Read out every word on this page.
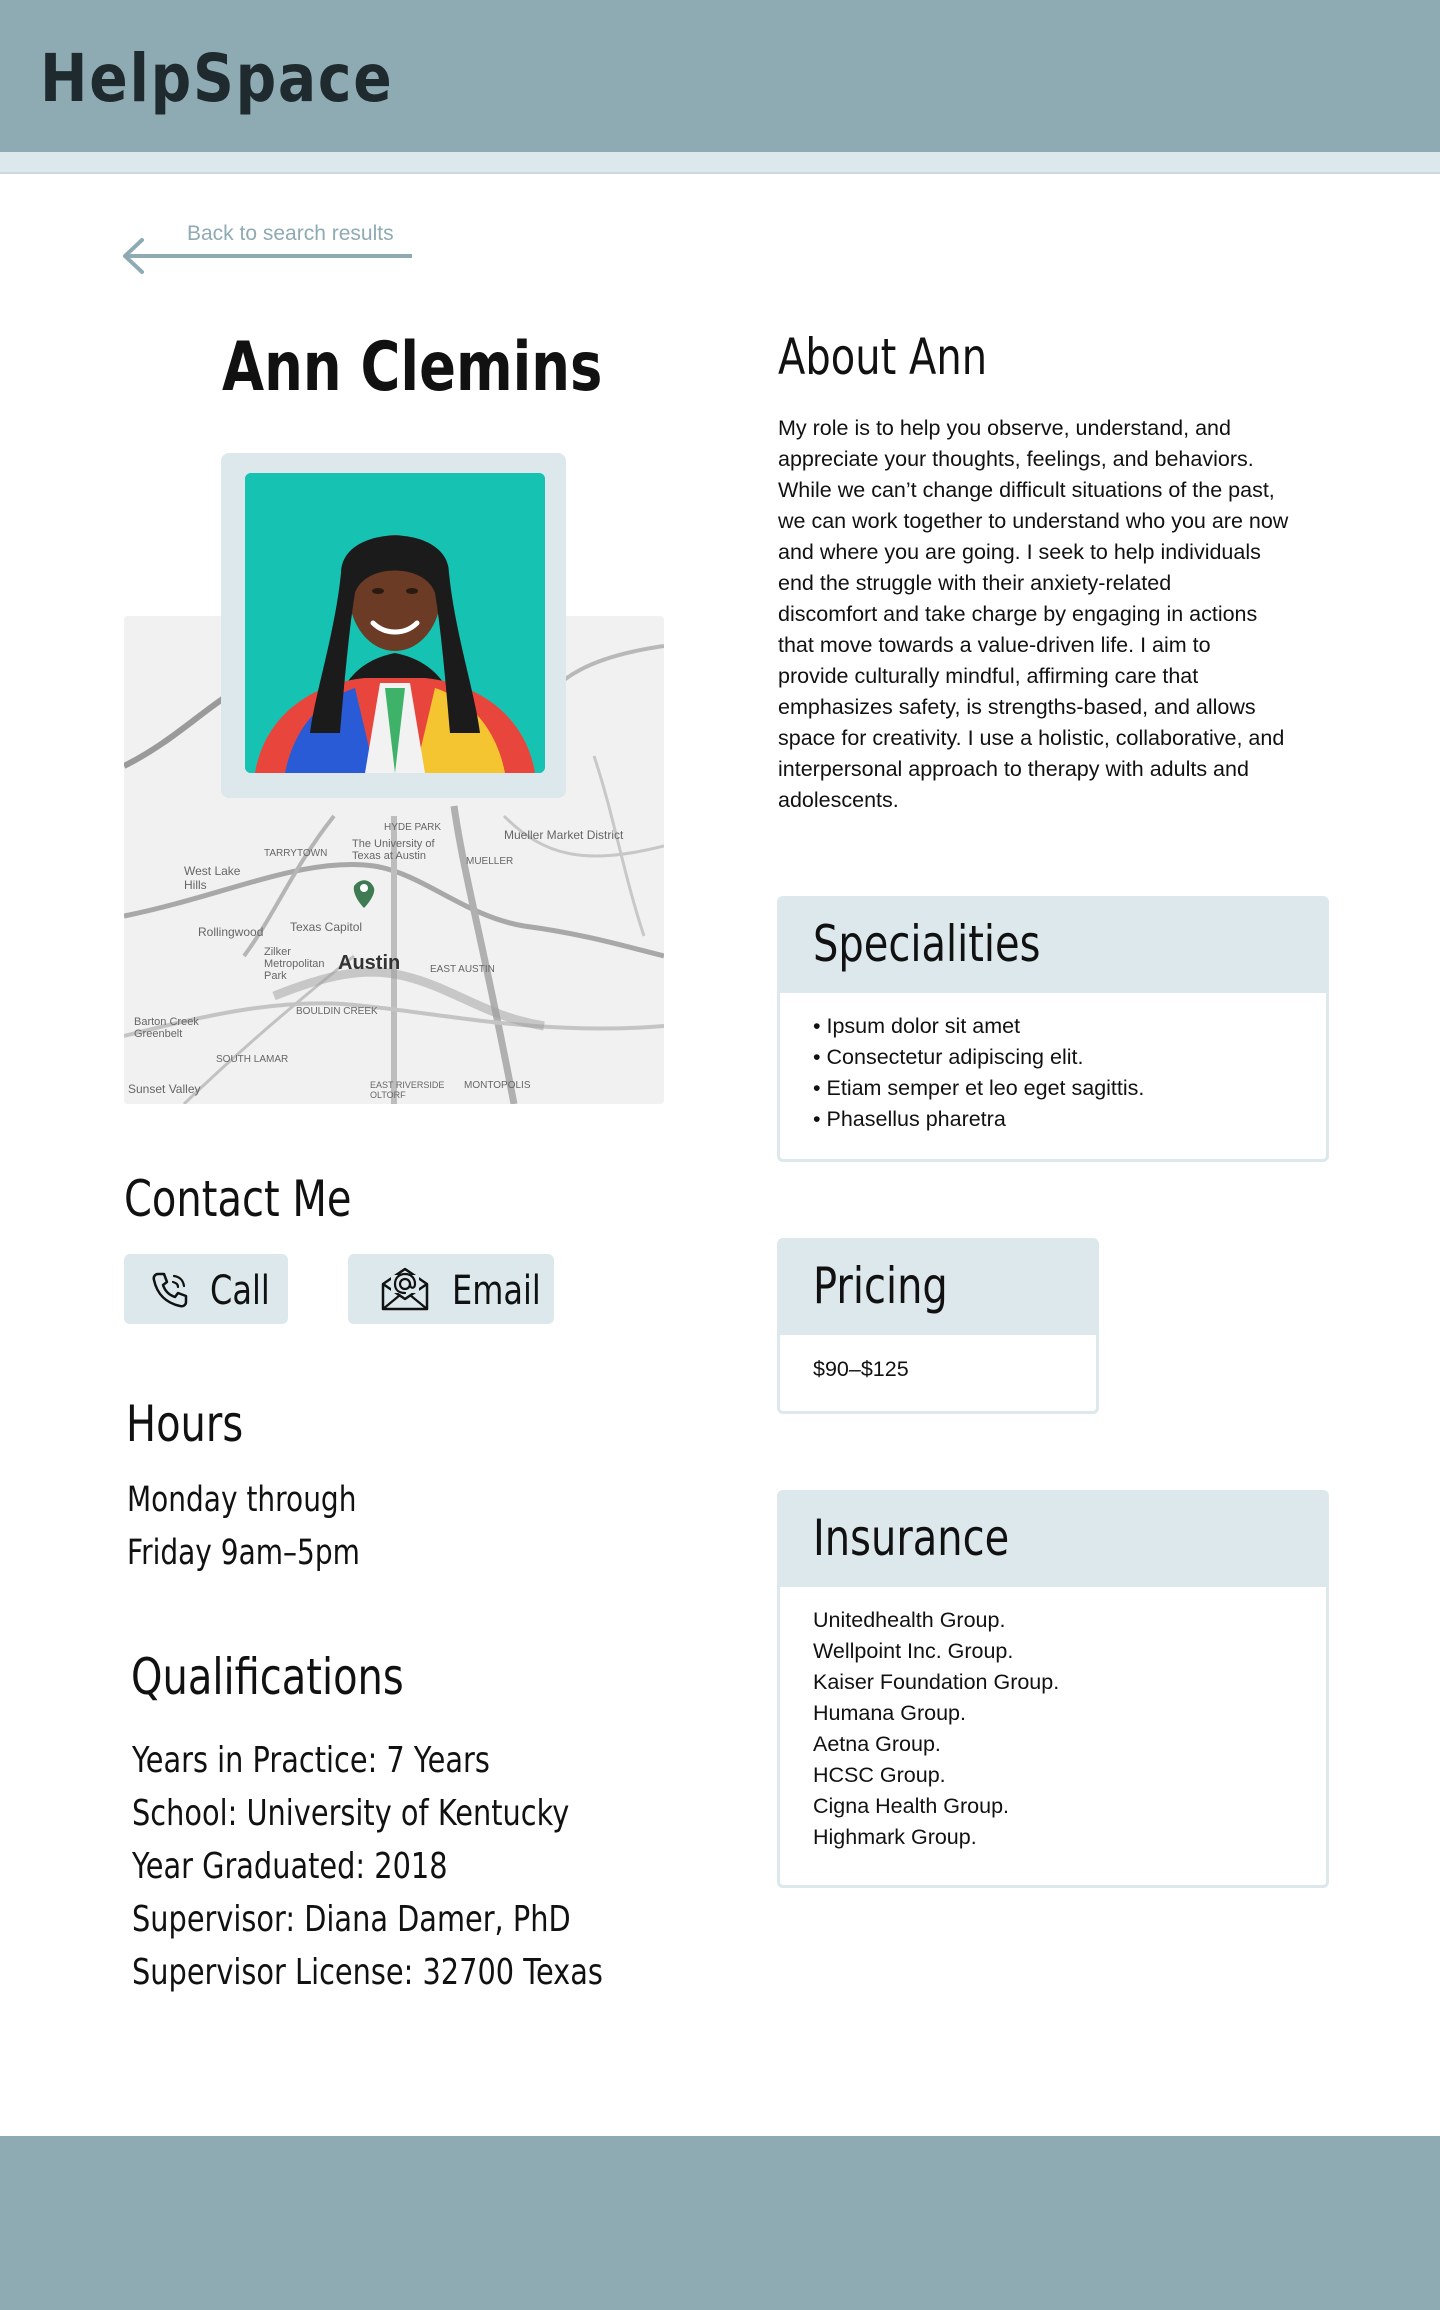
HelpSpace
Back to search results
Ann Clemins
West Lake Hills
Rollingwood
Austin
TARRYTOWN
HYDE PARK
The University of Texas at Austin
Texas Capitol
Zilker Metropolitan Park
EAST AUSTIN
MUELLER
Mueller Market District
BOULDIN CREEK
Barton Creek Greenbelt
SOUTH LAMAR
Sunset Valley	EAST RIVERSIDE OLTORF
MONTOPOLIS
Contact Me
Call	Email
Hours
Monday through
Friday 9am–5pm
Qualifications
Years in Practice: 7 Years
School: University of Kentucky
Year Graduated: 2018
Supervisor: Diana Damer, PhD
Supervisor License: 32700 Texas
About Ann
My role is to help you observe, understand, and
appreciate your thoughts, feelings, and behaviors.
While we can’t change difficult situations of the past,
we can work together to understand who you are now
and where you are going. I seek to help individuals
end the struggle with their anxiety-related
discomfort and take charge by engaging in actions
that move towards a value-driven life. I aim to
provide culturally mindful, affirming care that
emphasizes safety, is strengths-based, and allows
space for creativity. I use a holistic, collaborative, and
interpersonal approach to therapy with adults and
adolescents.
Specialities
• Ipsum dolor sit amet
• Consectetur adipiscing elit.
• Etiam semper et leo eget sagittis.
• Phasellus pharetra
Pricing
$90–$125
Insurance
Unitedhealth Group.
Wellpoint Inc. Group.
Kaiser Foundation Group.
Humana Group.
Aetna Group.
HCSC Group.
Cigna Health Group.
Highmark Group.
